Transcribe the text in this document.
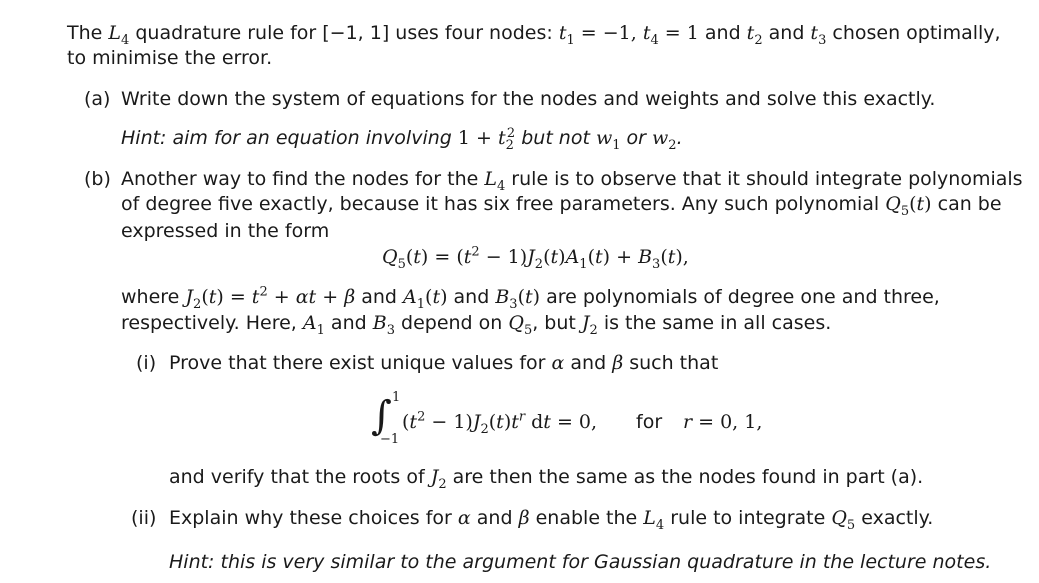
The $L_4$ quadrature rule for [−1, 1] uses four nodes: $t_1 = -1$, $t_4 = 1$ and $t_2$ and $t_3$ chosen optimally,
to minimise the error.
(a) Write down the system of equations for the nodes and weights and solve this exactly.
Hint: aim for an equation involving $1 + t_2^2$ but not $w_1$ or $w_2$.
(b) Another way to find the nodes for the $L_4$ rule is to observe that it should integrate polynomials
of degree five exactly, because it has six free parameters. Any such polynomial $Q_5(t)$ can be
expressed in the form
$Q_5(t) = (t^2 - 1)J_2(t)A_1(t) + B_3(t)$,
where $J_2(t) = t^2 + \alpha t + \beta$ and $A_1(t)$ and $B_3(t)$ are polynomials of degree one and three,
respectively. Here, $A_1$ and $B_3$ depend on $Q_5$, but $J_2$ is the same in all cases.
(i) Prove that there exist unique values for α and β such that
∫ 1
−1
$(t^2 - 1)J_2(t)t^r$ dt = 0, for r = 0, 1,
and verify that the roots of $J_2$ are then the same as the nodes found in part (a).
(ii) Explain why these choices for α and β enable the $L_4$ rule to integrate $Q_5$ exactly.
Hint: this is very similar to the argument for Gaussian quadrature in the lecture notes.
